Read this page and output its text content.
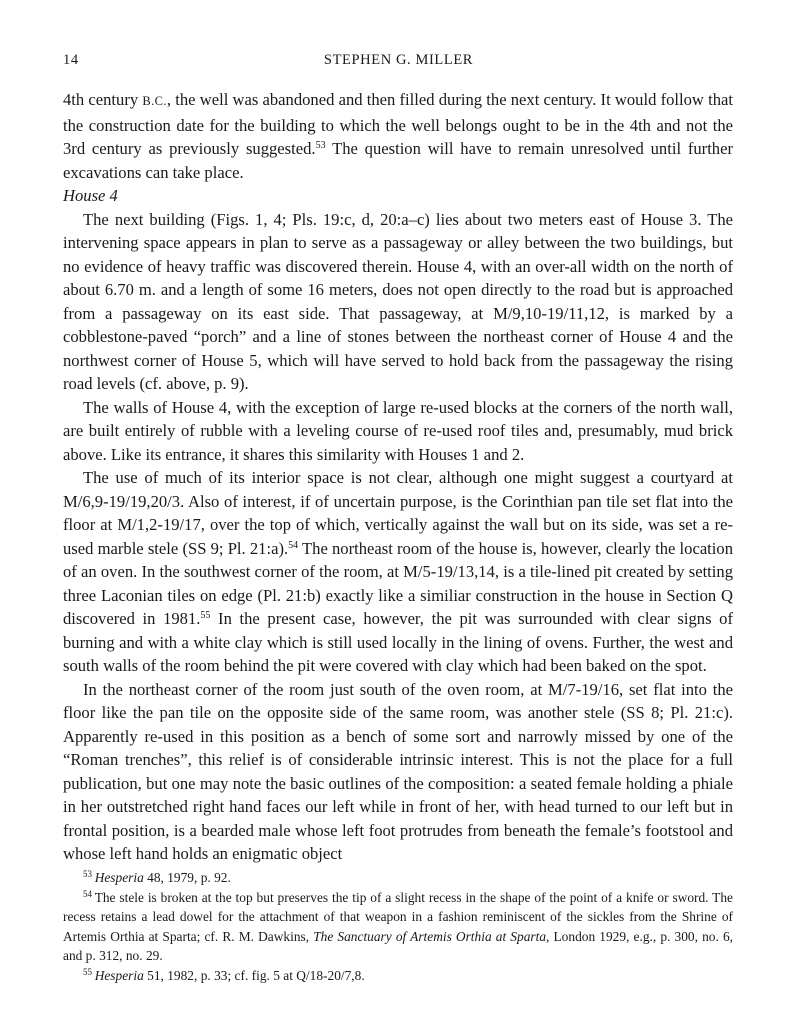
14	STEPHEN G. MILLER

4th century B.C., the well was abandoned and then filled during the next century. It would follow that the construction date for the building to which the well belongs ought to be in the 4th and not the 3rd century as previously suggested.$^{53}$ The question will have to remain unresolved until further excavations can take place.

House 4

The next building (Figs. 1, 4; Pls. 19:c, d, 20:a–c) lies about two meters east of House 3. The intervening space appears in plan to serve as a passageway or alley between the two buildings, but no evidence of heavy traffic was discovered therein. House 4, with an over-all width on the north of about 6.70 m. and a length of some 16 meters, does not open directly to the road but is approached from a passageway on its east side. That passageway, at M/9,10-19/11,12, is marked by a cobblestone-paved “porch” and a line of stones between the northeast corner of House 4 and the northwest corner of House 5, which will have served to hold back from the passageway the rising road levels (cf. above, p. 9).

The walls of House 4, with the exception of large re-used blocks at the corners of the north wall, are built entirely of rubble with a leveling course of re-used roof tiles and, presumably, mud brick above. Like its entrance, it shares this similarity with Houses 1 and 2.

The use of much of its interior space is not clear, although one might suggest a courtyard at M/6,9-19/19,20/3. Also of interest, if of uncertain purpose, is the Corinthian pan tile set flat into the floor at M/1,2-19/17, over the top of which, vertically against the wall but on its side, was set a re-used marble stele (SS 9; Pl. 21:a).$^{54}$ The northeast room of the house is, however, clearly the location of an oven. In the southwest corner of the room, at M/5-19/13,14, is a tile-lined pit created by setting three Laconian tiles on edge (Pl. 21:b) exactly like a similiar construction in the house in Section Q discovered in 1981.55 In the present case, however, the pit was surrounded with clear signs of burning and with a white clay which is still used locally in the lining of ovens. Further, the west and south walls of the room behind the pit were covered with clay which had been baked on the spot.

In the northeast corner of the room just south of the oven room, at M/7-19/16, set flat into the floor like the pan tile on the opposite side of the same room, was another stele (SS 8; Pl. 21:c). Apparently re-used in this position as a bench of some sort and narrowly missed by one of the “Roman trenches”, this relief is of considerable intrinsic interest. This is not the place for a full publication, but one may note the basic outlines of the composition: a seated female holding a phiale in her outstretched right hand faces our left while in front of her, with head turned to our left but in frontal position, is a bearded male whose left foot protrudes from beneath the female’s footstool and whose left hand holds an enigmatic object

$^{53}$  Hesperia 48, 1979, p. 92.

$^{54}$  The stele is broken at the top but preserves the tip of a slight recess in the shape of the point of a knife or sword. The recess retains a lead dowel for the attachment of that weapon in a fashion reminiscent of the sickles from the Shrine of Artemis Orthia at Sparta; cf. R. M. Dawkins, The Sanctuary of Artemis Orthia at Sparta, London 1929, e.g., p. 300, no. 6, and p. 312, no. 29.

$^{55}$  Hesperia 51, 1982, p. 33; cf. fig. 5 at Q/18-20/7,8.
